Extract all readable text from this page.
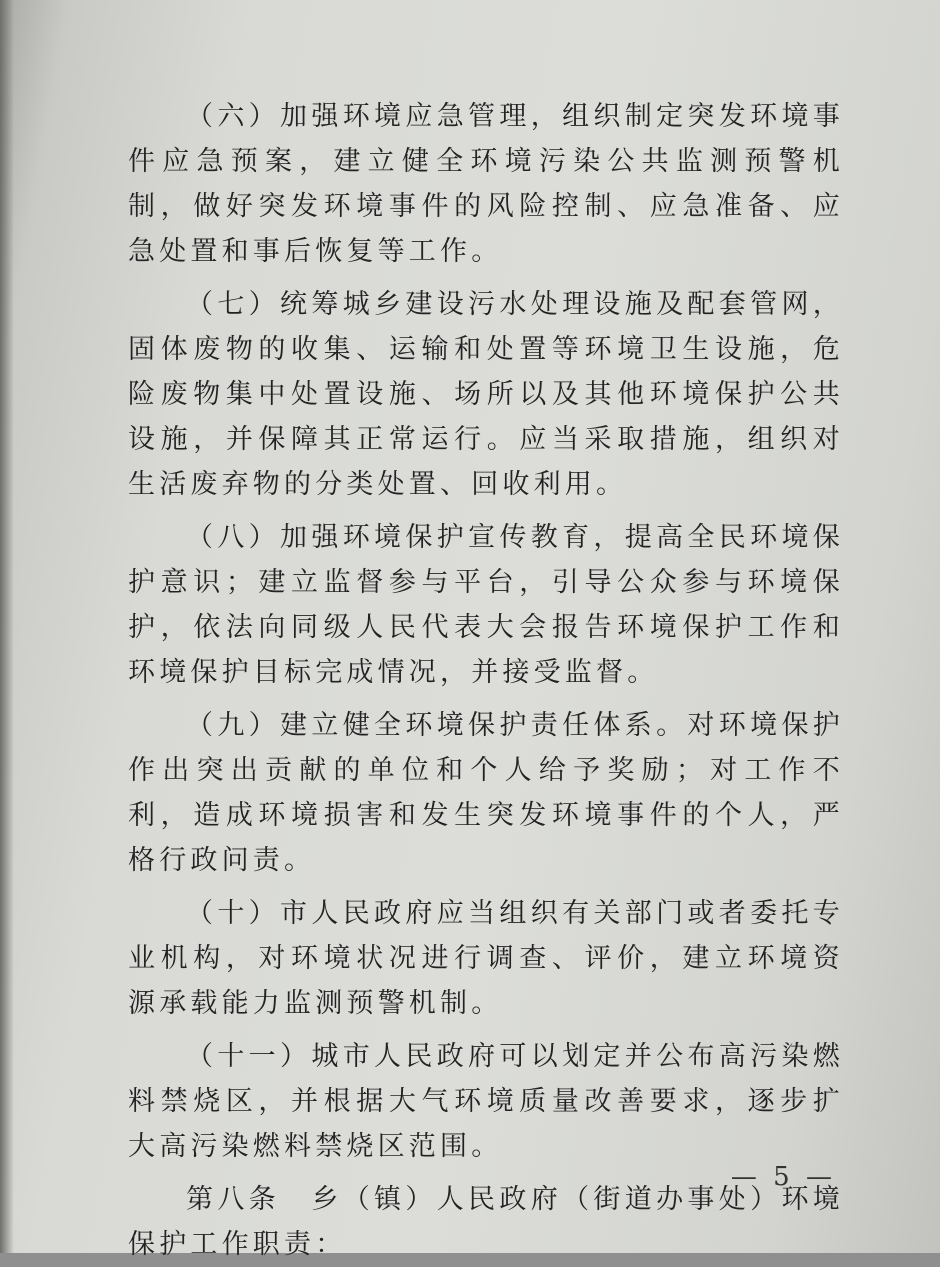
（六）加强环境应急管理，组织制定突发环境事件应急预案，建立健全环境污染公共监测预警机制，做好突发环境事件的风险控制、应急准备、应急处置和事后恢复等工作。

（七）统筹城乡建设污水处理设施及配套管网，固体废物的收集、运输和处置等环境卫生设施，危险废物集中处置设施、场所以及其他环境保护公共设施，并保障其正常运行。应当采取措施，组织对生活废弃物的分类处置、回收利用。

（八）加强环境保护宣传教育，提高全民环境保护意识；建立监督参与平台，引导公众参与环境保护，依法向同级人民代表大会报告环境保护工作和环境保护目标完成情况，并接受监督。

（九）建立健全环境保护责任体系。对环境保护作出突出贡献的单位和个人给予奖励；对工作不利，造成环境损害和发生突发环境事件的个人，严格行政问责。

（十）市人民政府应当组织有关部门或者委托专业机构，对环境状况进行调查、评价，建立环境资源承载能力监测预警机制。

（十一）城市人民政府可以划定并公布高污染燃料禁烧区，并根据大气环境质量改善要求，逐步扩大高污染燃料禁烧区范围。

第八条　乡（镇）人民政府（街道办事处）环境保护工作职责：

— 5 —
